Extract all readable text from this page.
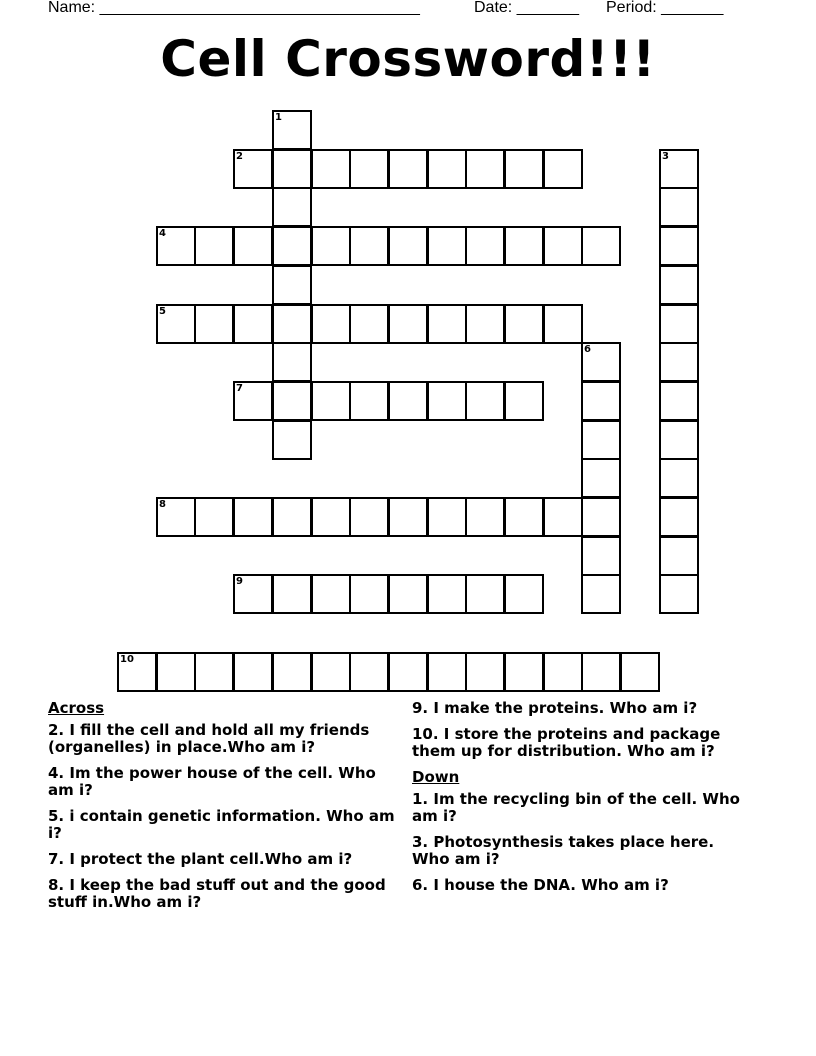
Name: ____________________________________	Date: _______ Period: _______
Cell Crossword!!!
1
2	3
4
5
6
7
8
9
10
Across
2. I fill the cell and hold all my friends (organelles) in place.Who am i?
4. Im the power house of the cell. Who am i?
5. i contain genetic information. Who am i?
7. I protect the plant cell.Who am i?
8. I keep the bad stuff out and the good stuff in.Who am i?
9. I make the proteins. Who am i?
10. I store the proteins and package them up for distribution. Who am i?
Down
1. Im the recycling bin of the cell. Who am i?
3. Photosynthesis takes place here. Who am i?
6. I house the DNA. Who am i?
